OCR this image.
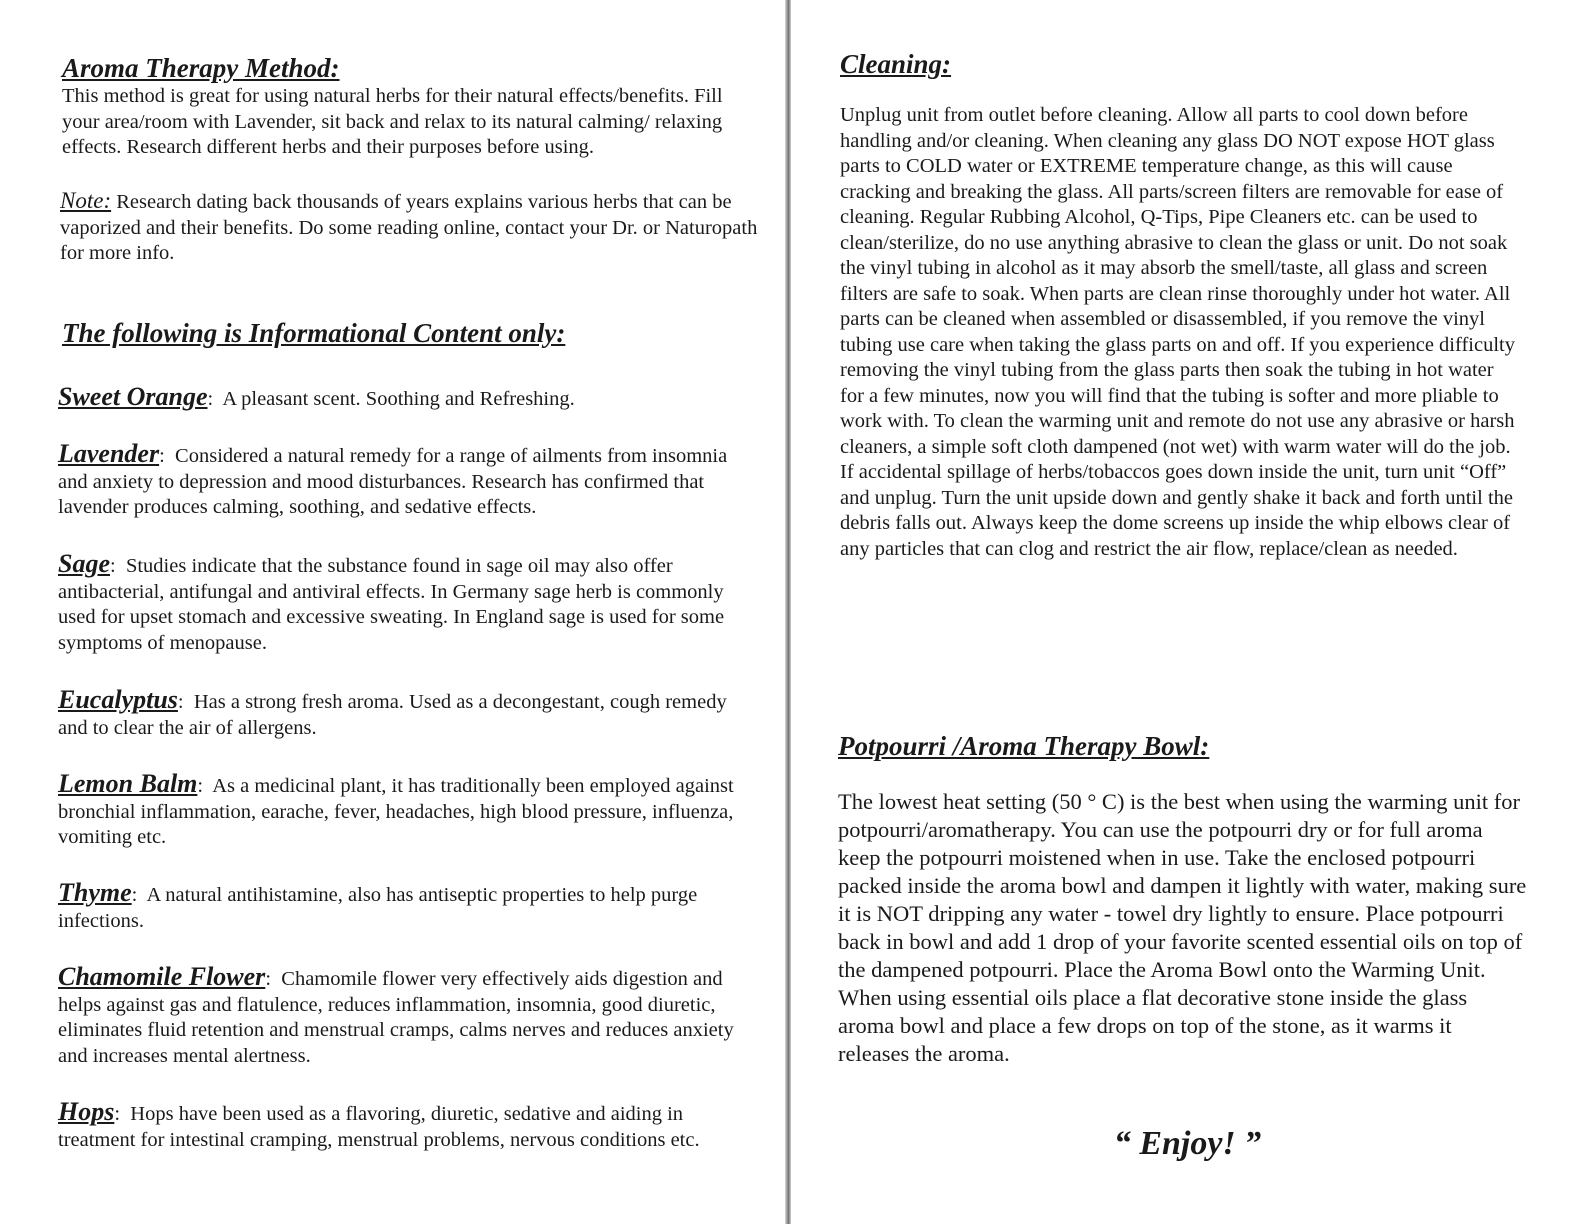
Aroma Therapy Method:

This method is great for using natural herbs for their natural effects/benefits. Fill your area/room with Lavender, sit back and relax to its natural calming/ relaxing effects. Research different herbs and their purposes before using.

Note: Research dating back thousands of years explains various herbs that can be vaporized and their benefits. Do some reading online, contact your Dr. or Naturopath for more info.

The following is Informational Content only:

Sweet Orange:  A pleasant scent. Soothing and Refreshing.

Lavender:  Considered a natural remedy for a range of ailments from insomnia and anxiety to depression and mood disturbances. Research has confirmed that lavender produces calming, soothing, and sedative effects.

Sage:  Studies indicate that the substance found in sage oil may also offer antibacterial, antifungal and antiviral effects. In Germany sage herb is commonly used for upset stomach and excessive sweating. In England sage is used for some symptoms of menopause.

Eucalyptus:  Has a strong fresh aroma. Used as a decongestant, cough remedy and to clear the air of allergens.

Lemon Balm:  As a medicinal plant, it has traditionally been employed against bronchial inflammation, earache, fever, headaches, high blood pressure, influenza, vomiting etc.

Thyme:  A natural antihistamine, also has antiseptic properties to help purge infections.

Chamomile Flower:  Chamomile flower very effectively aids digestion and helps against gas and flatulence, reduces inflammation, insomnia, good diuretic, eliminates fluid retention and menstrual cramps, calms nerves and reduces anxiety and increases mental alertness.

Hops:  Hops have been used as a flavoring, diuretic, sedative and aiding in treatment for intestinal cramping, menstrual problems, nervous conditions etc.

Cleaning:

Unplug unit from outlet before cleaning. Allow all parts to cool down before handling and/or cleaning. When cleaning any glass DO NOT expose HOT glass parts to COLD water or EXTREME temperature change, as this will cause cracking and breaking the glass. All parts/screen filters are removable for ease of cleaning. Regular Rubbing Alcohol, Q-Tips, Pipe Cleaners etc. can be used to clean/sterilize, do no use anything abrasive to clean the glass or unit. Do not soak the vinyl tubing in alcohol as it may absorb the smell/taste, all glass and screen filters are safe to soak. When parts are clean rinse thoroughly under hot water. All parts can be cleaned when assembled or disassembled, if you remove the vinyl tubing use care when taking the glass parts on and off. If you experience difficulty removing the vinyl tubing from the glass parts then soak the tubing in hot water for a few minutes, now you will find that the tubing is softer and more pliable to work with. To clean the warming unit and remote do not use any abrasive or harsh cleaners, a simple soft cloth dampened (not wet) with warm water will do the job. If accidental spillage of herbs/tobaccos goes down inside the unit, turn unit “Off” and unplug. Turn the unit upside down and gently shake it back and forth until the debris falls out. Always keep the dome screens up inside the whip elbows clear of any particles that can clog and restrict the air flow, replace/clean as needed.

Potpourri /Aroma Therapy Bowl:

The lowest heat setting (50 ° C) is the best when using the warming unit for potpourri/aromatherapy. You can use the potpourri dry or for full aroma keep the potpourri moistened when in use. Take the enclosed potpourri packed inside the aroma bowl and dampen it lightly with water, making sure it is NOT dripping any water - towel dry lightly to ensure. Place potpourri back in bowl and add 1 drop of your favorite scented essential oils on top of the dampened potpourri. Place the Aroma Bowl onto the Warming Unit. When using essential oils place a flat decorative stone inside the glass aroma bowl and place a few drops on top of the stone, as it warms it releases the aroma.

“ Enjoy! ”
